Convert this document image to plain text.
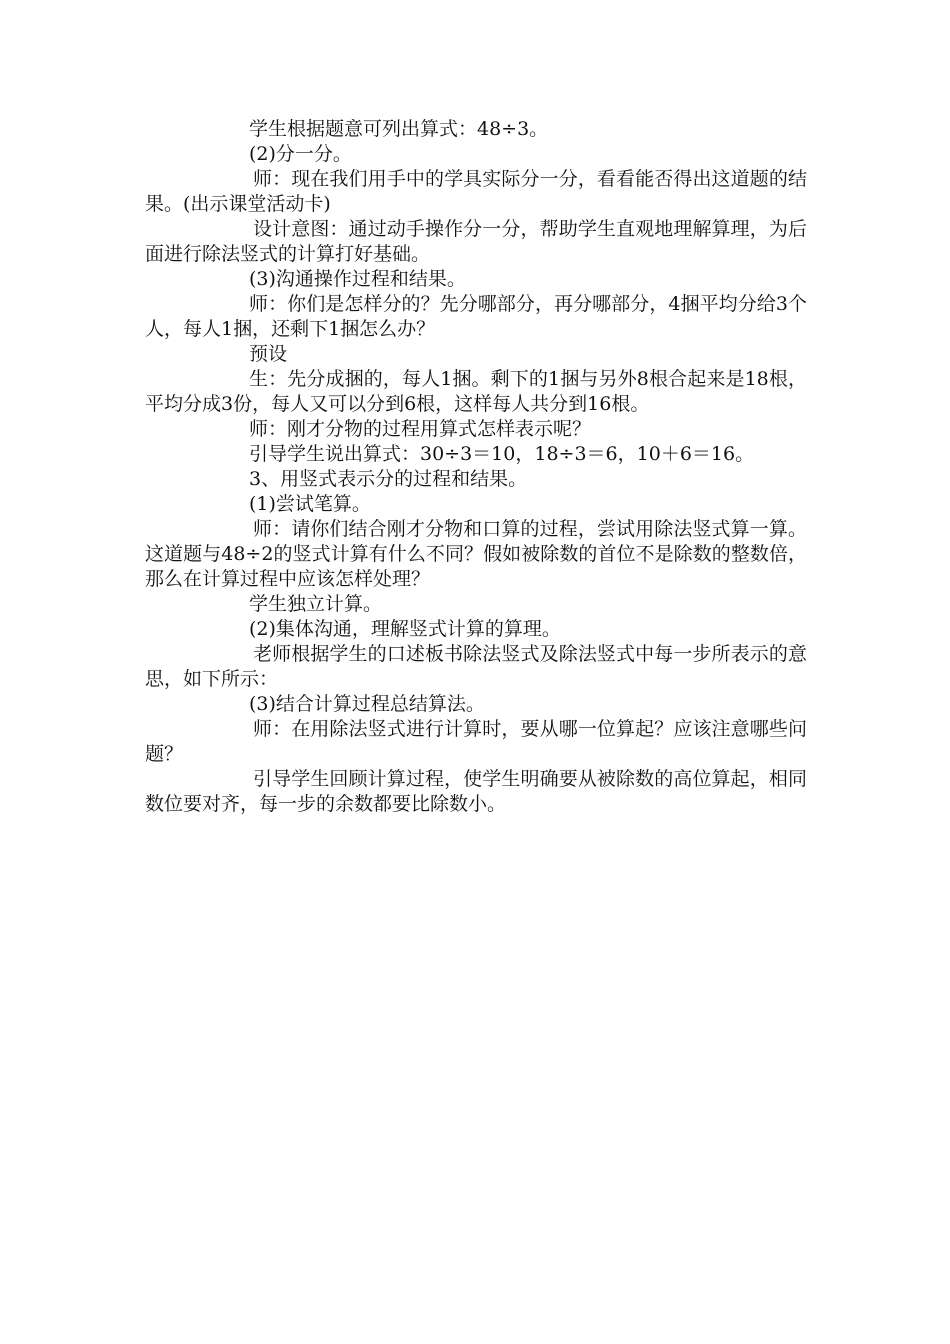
学生根据题意可列出算式：48÷3。

(2)分一分。

师：现在我们用手中的学具实际分一分，看看能否得出这道题的结果。(出示课堂活动卡)

设计意图：通过动手操作分一分，帮助学生直观地理解算理，为后面进行除法竖式的计算打好基础。

(3)沟通操作过程和结果。

师：你们是怎样分的？先分哪部分，再分哪部分，4捆平均分给3个人，每人1捆，还剩下1捆怎么办？

预设

生：先分成捆的，每人1捆。剩下的1捆与另外8根合起来是18根，平均分成3份，每人又可以分到6根，这样每人共分到16根。

师：刚才分物的过程用算式怎样表示呢？

引导学生说出算式：30÷3＝10，18÷3＝6，10＋6＝16。

3、用竖式表示分的过程和结果。

(1)尝试笔算。

师：请你们结合刚才分物和口算的过程，尝试用除法竖式算一算。这道题与48÷2的竖式计算有什么不同？假如被除数的首位不是除数的整数倍，那么在计算过程中应该怎样处理？

学生独立计算。

(2)集体沟通，理解竖式计算的算理。

老师根据学生的口述板书除法竖式及除法竖式中每一步所表示的意思，如下所示：

(3)结合计算过程总结算法。

师：在用除法竖式进行计算时，要从哪一位算起？应该注意哪些问题？

引导学生回顾计算过程，使学生明确要从被除数的高位算起，相同数位要对齐，每一步的余数都要比除数小。
